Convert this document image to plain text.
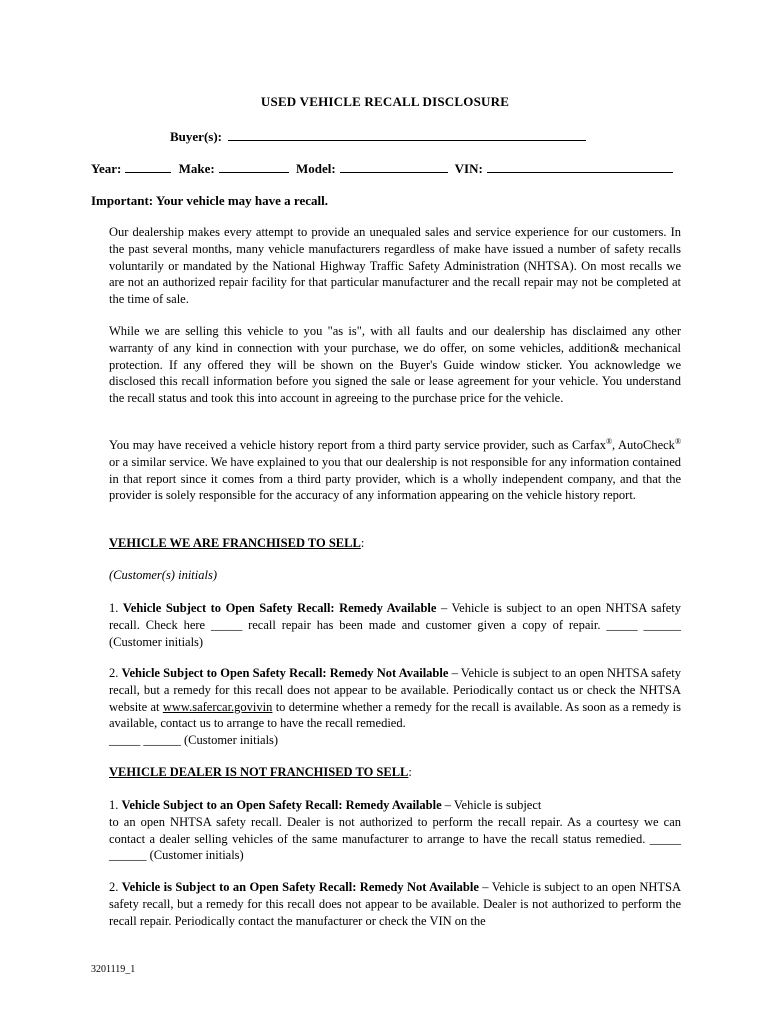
USED VEHICLE RECALL DISCLOSURE
Buyer(s):
Year:	Make:	Model:	VIN:
Important: Your vehicle may have a recall.

Our dealership makes every attempt to provide an unequaled sales and service experience for our customers. In the past several months, many vehicle manufacturers regardless of make have issued a number of safety recalls voluntarily or mandated by the National Highway Traffic Safety Administration (NHTSA). On most recalls we are not an authorized repair facility for that particular manufacturer and the recall repair may not be completed at the time of sale.

While we are selling this vehicle to you "as is", with all faults and our dealership has disclaimed any other warranty of any kind in connection with your purchase, we do offer, on some vehicles, addition& mechanical protection. If any offered they will be shown on the Buyer's Guide window sticker. You acknowledge we disclosed this recall information before you signed the sale or lease agreement for your vehicle. You understand the recall status and took this into account in agreeing to the purchase price for the vehicle.

You may have received a vehicle history report from a third party service provider, such as Carfax®, AutoCheck® or a similar service. We have explained to you that our dealership is not responsible for any information contained in that report since it comes from a third party provider, which is a wholly independent company, and that the provider is solely responsible for the accuracy of any information appearing on the vehicle history report.

VEHICLE WE ARE FRANCHISED TO SELL:
(Customer(s) initials)

1. Vehicle Subject to Open Safety Recall: Remedy Available – Vehicle is subject to an open NHTSA safety recall. Check here _____ recall repair has been made and customer given a copy of repair. _____ ______ (Customer initials)

2. Vehicle Subject to Open Safety Recall: Remedy Not Available – Vehicle is subject to an open NHTSA safety recall, but a remedy for this recall does not appear to be available. Periodically contact us or check the NHTSA website at www.safercar.govivin to determine whether a remedy for the recall is available. As soon as a remedy is available, contact us to arrange to have the recall remedied.

_____ ______ (Customer initials)

VEHICLE DEALER IS NOT FRANCHISED TO SELL:

1. Vehicle Subject to an Open Safety Recall: Remedy Available – Vehicle is subject

to an open NHTSA safety recall. Dealer is not authorized to perform the recall repair. As a courtesy we can contact a dealer selling vehicles of the same manufacturer to arrange to have the recall status remedied. _____ ______ (Customer initials)

2. Vehicle is Subject to an Open Safety Recall: Remedy Not Available – Vehicle is subject to an open NHTSA safety recall, but a remedy for this recall does not appear to be available. Dealer is not authorized to perform the recall repair. Periodically contact the manufacturer or check the VIN on the

3201119_1
